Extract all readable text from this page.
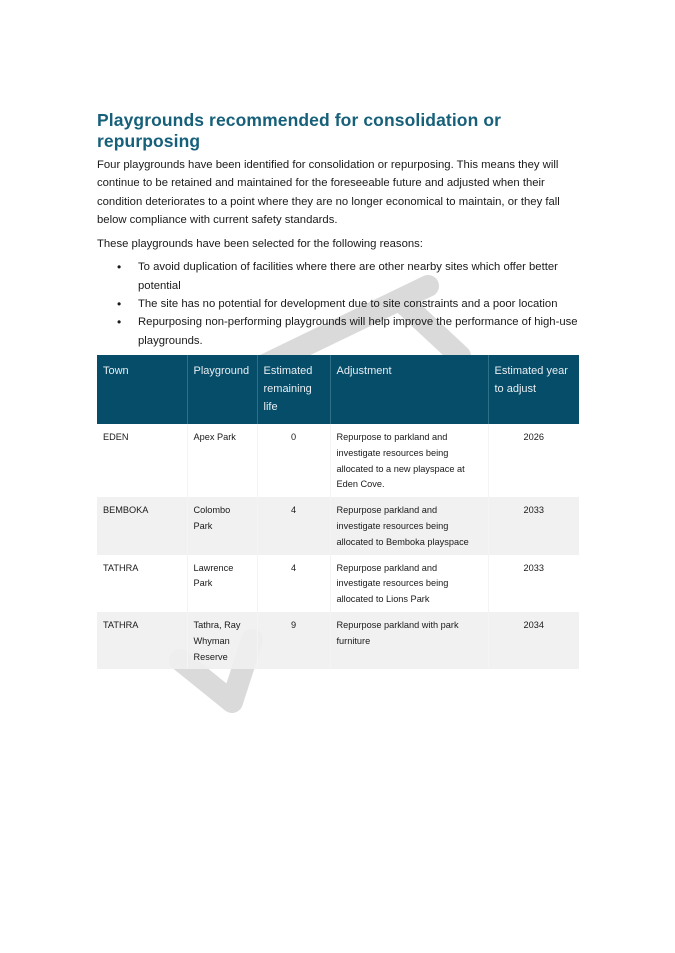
Playgrounds recommended for consolidation or repurposing

Four playgrounds have been identified for consolidation or repurposing. This means they will continue to be retained and maintained for the foreseeable future and adjusted when their condition deteriorates to a point where they are no longer economical to maintain, or they fall below compliance with current safety standards.

These playgrounds have been selected for the following reasons:

• To avoid duplication of facilities where there are other nearby sites which offer better potential
• The site has no potential for development due to site constraints and a poor location
• Repurposing non-performing playgrounds will help improve the performance of high-use playgrounds.
Town	Playground	Estimated remaining life	Adjustment	Estimated year to adjust
EDEN	Apex Park	0	Repurpose to parkland and investigate resources being allocated to a new playspace at Eden Cove.	2026
BEMBOKA	Colombo Park	4	Repurpose parkland and investigate resources being allocated to Bemboka playspace	2033
TATHRA	Lawrence Park	4	Repurpose parkland and investigate resources being allocated to Lions Park	2033
TATHRA	Tathra, Ray Whyman Reserve	9	Repurpose parkland with park furniture	2034
